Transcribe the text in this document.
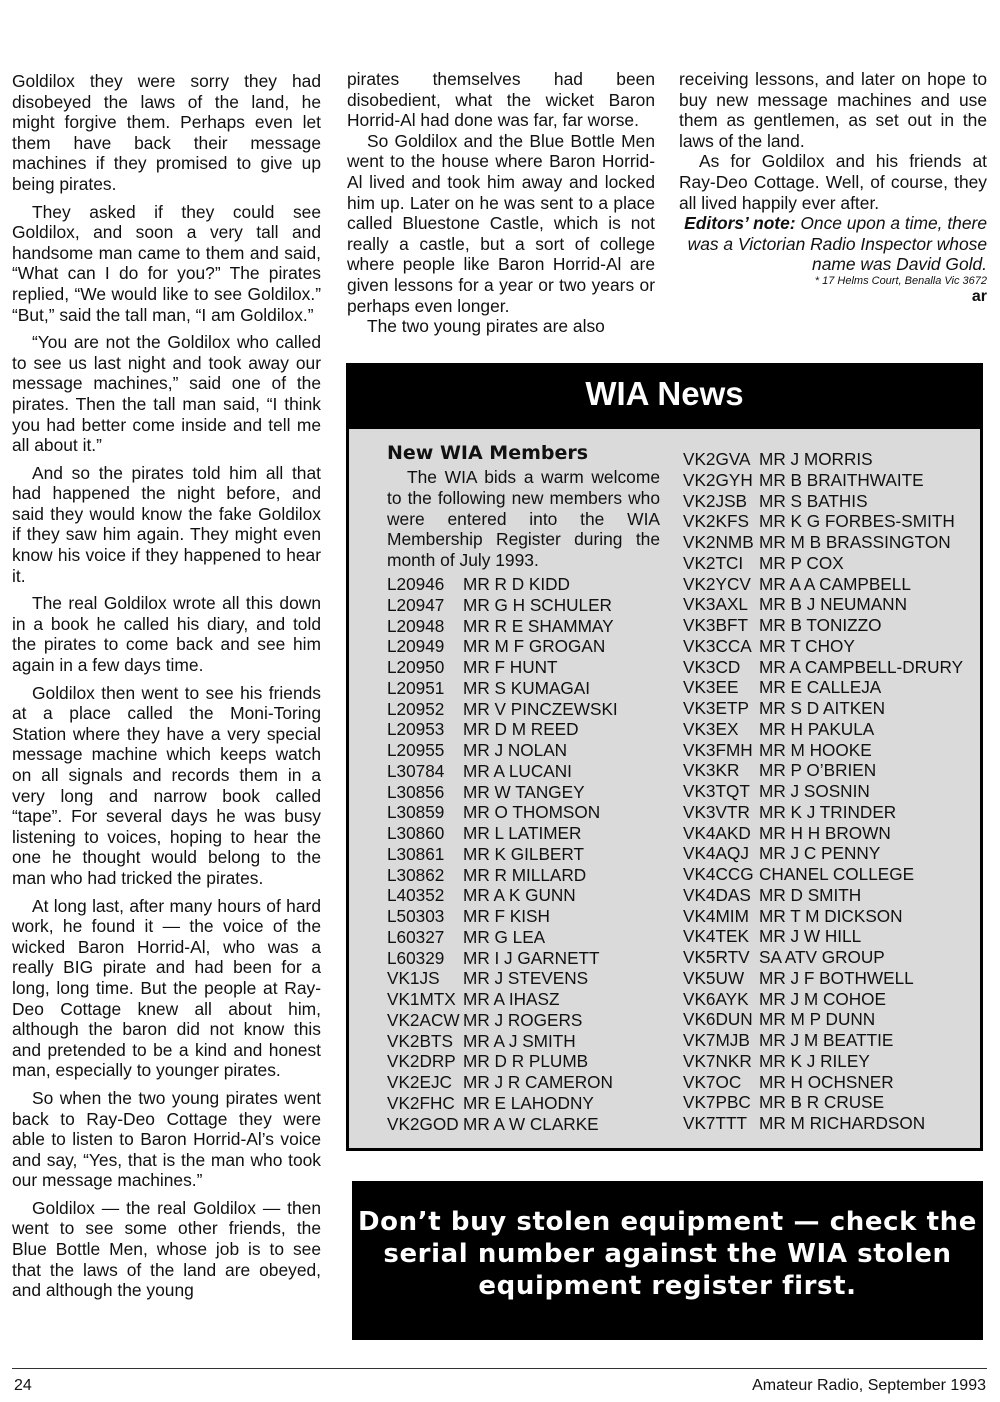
Goldilox they were sorry they had disobeyed the laws of the land, he might forgive them. Perhaps even let them have back their message machines if they promised to give up being pirates.

They asked if they could see Goldilox, and soon a very tall and handsome man came to them and said, “What can I do for you?” The pirates replied, “We would like to see Goldilox.” “But,” said the tall man, “I am Goldilox.”

“You are not the Goldilox who called to see us last night and took away our message machines,” said one of the pirates. Then the tall man said, “I think you had better come inside and tell me all about it.”

And so the pirates told him all that had happened the night before, and said they would know the fake Goldilox if they saw him again. They might even know his voice if they happened to hear it.

The real Goldilox wrote all this down in a book he called his diary, and told the pirates to come back and see him again in a few days time.

Goldilox then went to see his friends at a place called the Moni-Toring Station where they have a very special message machine which keeps watch on all signals and records them in a very long and narrow book called “tape”. For several days he was busy listening to voices, hoping to hear the one he thought would belong to the man who had tricked the pirates.

At long last, after many hours of hard work, he found it — the voice of the wicked Baron Horrid-Al, who was a really BIG pirate and had been for a long, long time. But the people at Ray-Deo Cottage knew all about him, although the baron did not know this and pretended to be a kind and honest man, especially to younger pirates.

So when the two young pirates went back to Ray-Deo Cottage they were able to listen to Baron Horrid-Al’s voice and say, “Yes, that is the man who took our message machines.”

Goldilox — the real Goldilox — then went to see some other friends, the Blue Bottle Men, whose job is to see that the laws of the land are obeyed, and although the young

pirates themselves had been disobedient, what the wicket Baron Horrid-Al had done was far, far worse.

So Goldilox and the Blue Bottle Men went to the house where Baron Horrid-Al lived and took him away and locked him up. Later on he was sent to a place called Bluestone Castle, which is not really a castle, but a sort of college where people like Baron Horrid-Al are given lessons for a year or two years or perhaps even longer.

The two young pirates are also

receiving lessons, and later on hope to buy new message machines and use them as gentlemen, as set out in the laws of the land.

As for Goldilox and his friends at Ray-Deo Cottage. Well, of course, they all lived happily ever after.

Editors’ note: Once upon a time, there was a Victorian Radio Inspector whose name was David Gold.

* 17 Helms Court, Benalla Vic 3672

ar

WIA News
New WIA Members

The WIA bids a warm welcome to the following new members who were entered into the WIA Membership Register during the month of July 1993.

L20946	MR R D KIDD
L20947	MR G H SCHULER
L20948	MR R E SHAMMAY
L20949	MR M F GROGAN
L20950	MR F HUNT
L20951	MR S KUMAGAI
L20952	MR V PINCZEWSKI
L20953	MR D M REED
L20955	MR J NOLAN
L30784	MR A LUCANI
L30856	MR W TANGEY
L30859	MR O THOMSON
L30860	MR L LATIMER
L30861	MR K GILBERT
L30862	MR R MILLARD
L40352	MR A K GUNN
L50303	MR F KISH
L60327	MR G LEA
L60329	MR I J GARNETT
VK1JS	MR J STEVENS
VK1MTX MR A IHASZ
VK2ACW MR J ROGERS
VK2BTS MR A J SMITH
VK2DRP MR D R PLUMB
VK2EJC MR J R CAMERON
VK2FHC MR E LAHODNY
VK2GOD MR A W CLARKE
VK2GVA MR J MORRIS
VK2GYH MR B BRAITHWAITE
VK2JSB MR S BATHIS
VK2KFS MR K G FORBES-SMITH
VK2NMB MR M B BRASSINGTON
VK2TCI MR P COX
VK2YCV MR A A CAMPBELL
VK3AXL MR B J NEUMANN
VK3BFT MR B TONIZZO
VK3CCA MR T CHOY
VK3CD	MR A CAMPBELL-DRURY
VK3EE	MR E CALLEJA
VK3ETP MR S D AITKEN
VK3EX	MR H PAKULA
VK3FMH MR M HOOKE
VK3KR	MR P O’BRIEN
VK3TQT MR J SOSNIN
VK3VTR MR K J TRINDER
VK4AKD MR H H BROWN
VK4AQJ MR J C PENNY
VK4CCG CHANEL COLLEGE
VK4DAS MR D SMITH
VK4MIM MR T M DICKSON
VK4TEK MR J W HILL
VK5RTV SA ATV GROUP
VK5UW MR J F BOTHWELL
VK6AYK MR J M COHOE
VK6DUN MR M P DUNN
VK7MJB MR J M BEATTIE
VK7NKR MR K J RILEY
VK7OC	MR H OCHSNER
VK7PBC MR B R CRUSE
VK7TTT MR M RICHARDSON

Don’t buy stolen equipment — check the serial number against the WIA stolen equipment register first.

24	Amateur Radio, September 1993
